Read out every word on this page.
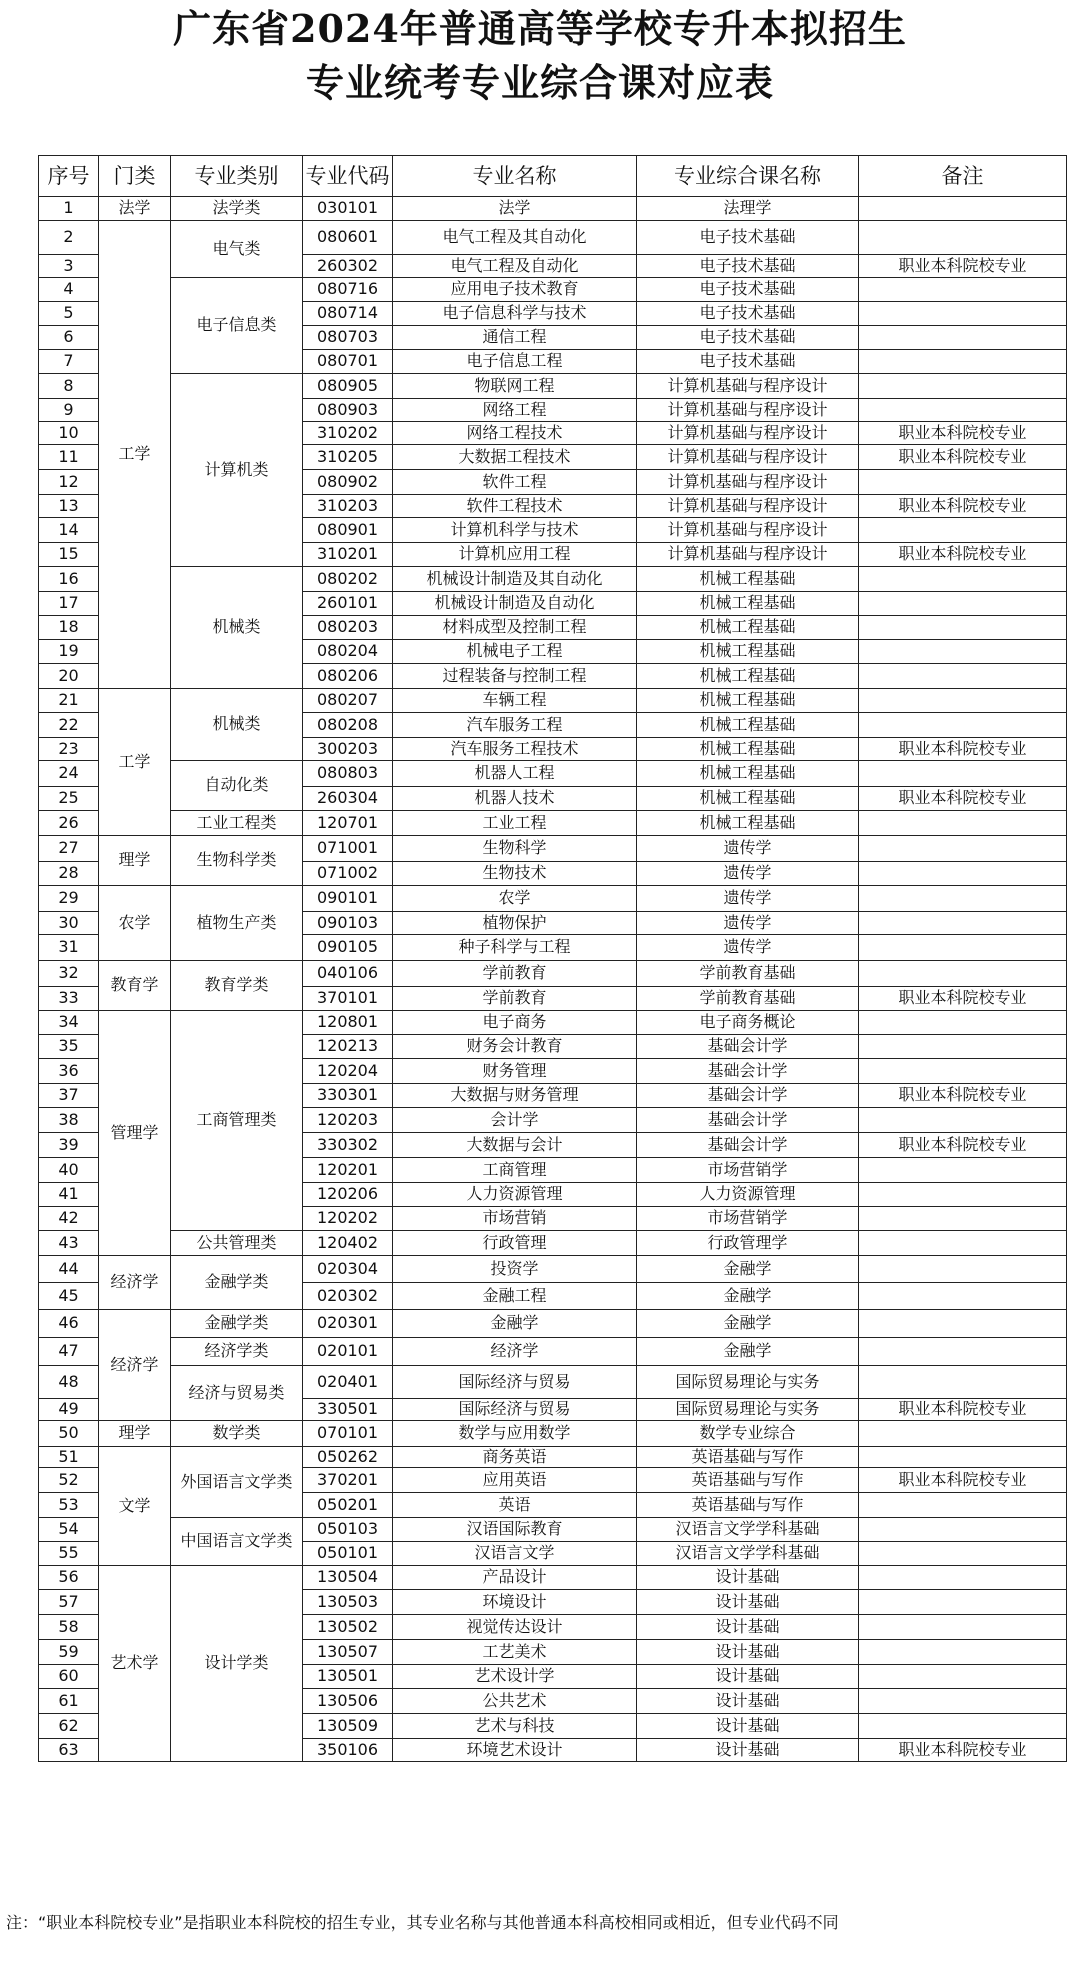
广东省2024年普通高等学校专升本拟招生
专业统考专业综合课对应表
序号	门类	专业类别	专业代码	专业名称	专业综合课名称	备注
1	法学	法学类	030101	法学	法理学	
2	工学	电气类	080601	电气工程及其自动化	电子技术基础	
3			260302	电气工程及自动化	电子技术基础	职业本科院校专业
4		电子信息类	080716	应用电子技术教育	电子技术基础	
5			080714	电子信息科学与技术	电子技术基础	
6			080703	通信工程	电子技术基础	
7			080701	电子信息工程	电子技术基础	
8		计算机类	080905	物联网工程	计算机基础与程序设计	
9			080903	网络工程	计算机基础与程序设计	
10			310202	网络工程技术	计算机基础与程序设计	职业本科院校专业
11			310205	大数据工程技术	计算机基础与程序设计	职业本科院校专业
12			080902	软件工程	计算机基础与程序设计	
13			310203	软件工程技术	计算机基础与程序设计	职业本科院校专业
14			080901	计算机科学与技术	计算机基础与程序设计	
15			310201	计算机应用工程	计算机基础与程序设计	职业本科院校专业
16		机械类	080202	机械设计制造及其自动化	机械工程基础	
17			260101	机械设计制造及自动化	机械工程基础	
18			080203	材料成型及控制工程	机械工程基础	
19			080204	机械电子工程	机械工程基础	
20			080206	过程装备与控制工程	机械工程基础	
21	工学	机械类	080207	车辆工程	机械工程基础	
22			080208	汽车服务工程	机械工程基础	
23			300203	汽车服务工程技术	机械工程基础	职业本科院校专业
24		自动化类	080803	机器人工程	机械工程基础	
25			260304	机器人技术	机械工程基础	职业本科院校专业
26		工业工程类	120701	工业工程	机械工程基础	
27	理学	生物科学类	071001	生物科学	遗传学	
28			071002	生物技术	遗传学	
29	农学	植物生产类	090101	农学	遗传学	
30			090103	植物保护	遗传学	
31			090105	种子科学与工程	遗传学	
32	教育学	教育学类	040106	学前教育	学前教育基础	
33			370101	学前教育	学前教育基础	职业本科院校专业
34	管理学	工商管理类	120801	电子商务	电子商务概论	
35			120213	财务会计教育	基础会计学	
36			120204	财务管理	基础会计学	
37			330301	大数据与财务管理	基础会计学	职业本科院校专业
38			120203	会计学	基础会计学	
39			330302	大数据与会计	基础会计学	职业本科院校专业
40			120201	工商管理	市场营销学	
41			120206	人力资源管理	人力资源管理	
42			120202	市场营销	市场营销学	
43		公共管理类	120402	行政管理	行政管理学	
44	经济学	金融学类	020304	投资学	金融学	
45			020302	金融工程	金融学	
46	经济学	金融学类	020301	金融学	金融学	
47		经济学类	020101	经济学	金融学	
48		经济与贸易类	020401	国际经济与贸易	国际贸易理论与实务	
49			330501	国际经济与贸易	国际贸易理论与实务	职业本科院校专业
50	理学	数学类	070101	数学与应用数学	数学专业综合	
51	文学	外国语言文学类	050262	商务英语	英语基础与写作	
52			370201	应用英语	英语基础与写作	职业本科院校专业
53			050201	英语	英语基础与写作	
54		中国语言文学类	050103	汉语国际教育	汉语言文学学科基础	
55			050101	汉语言文学	汉语言文学学科基础	
56	艺术学	设计学类	130504	产品设计	设计基础	
57			130503	环境设计	设计基础	
58			130502	视觉传达设计	设计基础	
59			130507	工艺美术	设计基础	
60			130501	艺术设计学	设计基础	
61			130506	公共艺术	设计基础	
62			130509	艺术与科技	设计基础	
63			350106	环境艺术设计	设计基础	职业本科院校专业
注：“职业本科院校专业”是指职业本科院校的招生专业，其专业名称与其他普通本科高校相同或相近，但专业代码不同
